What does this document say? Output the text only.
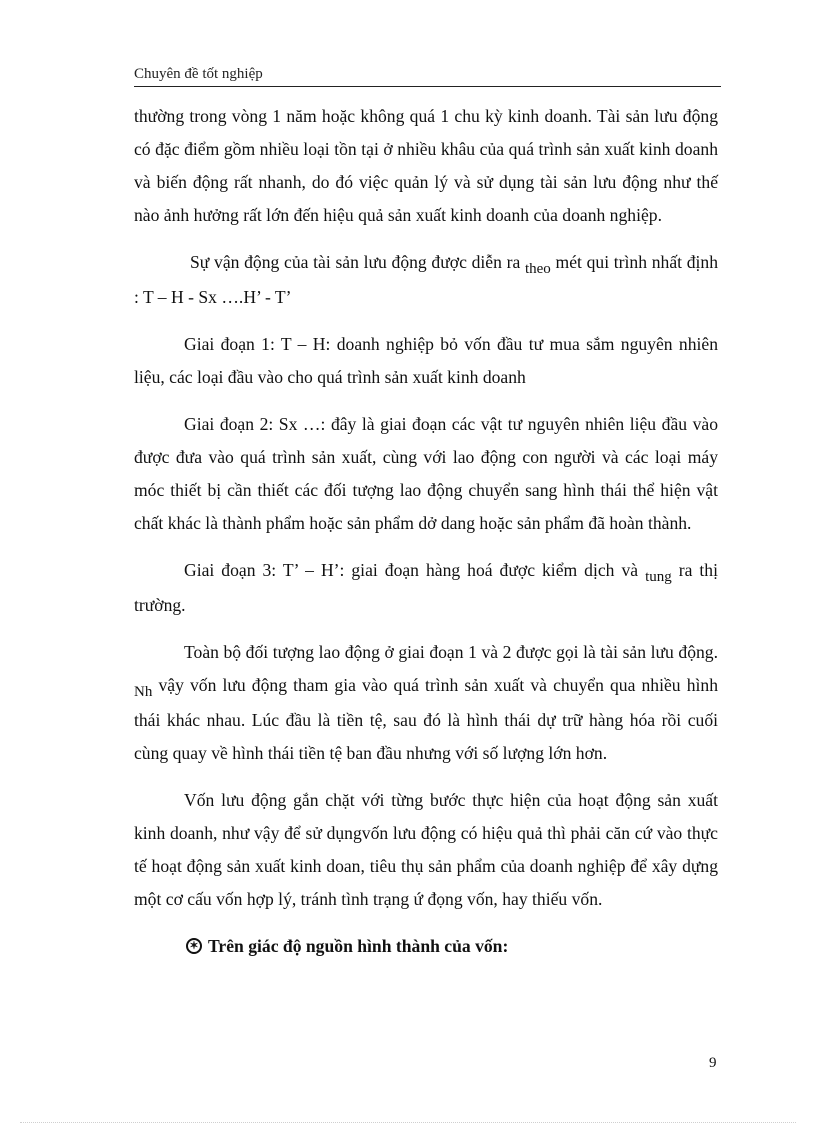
Chuyên đề tốt nghiệp

thường trong vòng 1 năm hoặc không quá 1 chu kỳ kinh doanh. Tài sản lưu động có đặc điểm gồm nhiều loại tồn tại ở nhiều khâu của quá trình sản xuất kinh doanh và biến động rất nhanh, do đó việc quản lý và sử dụng tài sản lưu động như thế nào ảnh hưởng rất lớn đến hiệu quả sản xuất kinh doanh của doanh nghiệp.

Sự vận động của tài sản lưu động được diễn ra theo mét qui trình nhất định : T – H - Sx ….H’ - T’

Giai đoạn 1: T – H: doanh nghiệp bỏ vốn đầu tư mua sắm nguyên nhiên liệu, các loại đầu vào cho quá trình sản xuất kinh doanh

Giai đoạn 2: Sx …: đây là giai đoạn các vật tư nguyên nhiên liệu đầu vào được đưa vào quá trình sản xuất, cùng với lao động con người và các loại máy móc thiết bị cần thiết các đối tượng lao động chuyển sang hình thái thể hiện vật chất khác là thành phẩm hoặc sản phẩm dở dang hoặc sản phẩm đã hoàn thành.

Giai đoạn 3: T’ – H’: giai đoạn hàng hoá được kiểm dịch và tung ra thị trường.

Toàn bộ đối tượng lao động ở giai đoạn 1 và 2 được gọi là tài sản lưu động. Nh vậy vốn lưu động tham gia vào quá trình sản xuất và chuyển qua nhiều hình thái khác nhau. Lúc đầu là tiền tệ, sau đó là hình thái dự trữ hàng hóa rồi cuối cùng quay về hình thái tiền tệ ban đầu nhưng với số lượng lớn hơn.

Vốn lưu động gắn chặt với từng bước thực hiện của hoạt động sản xuất kinh doanh, như vậy để sử dụngvốn lưu động có hiệu quả thì phải căn cứ vào thực tế hoạt động sản xuất kinh doan, tiêu thụ sản phẩm của doanh nghiệp để xây dựng một cơ cấu vốn hợp lý, tránh tình trạng ứ đọng vốn, hay thiếu vốn.

✶Trên giác độ nguồn hình thành của vốn:

9
